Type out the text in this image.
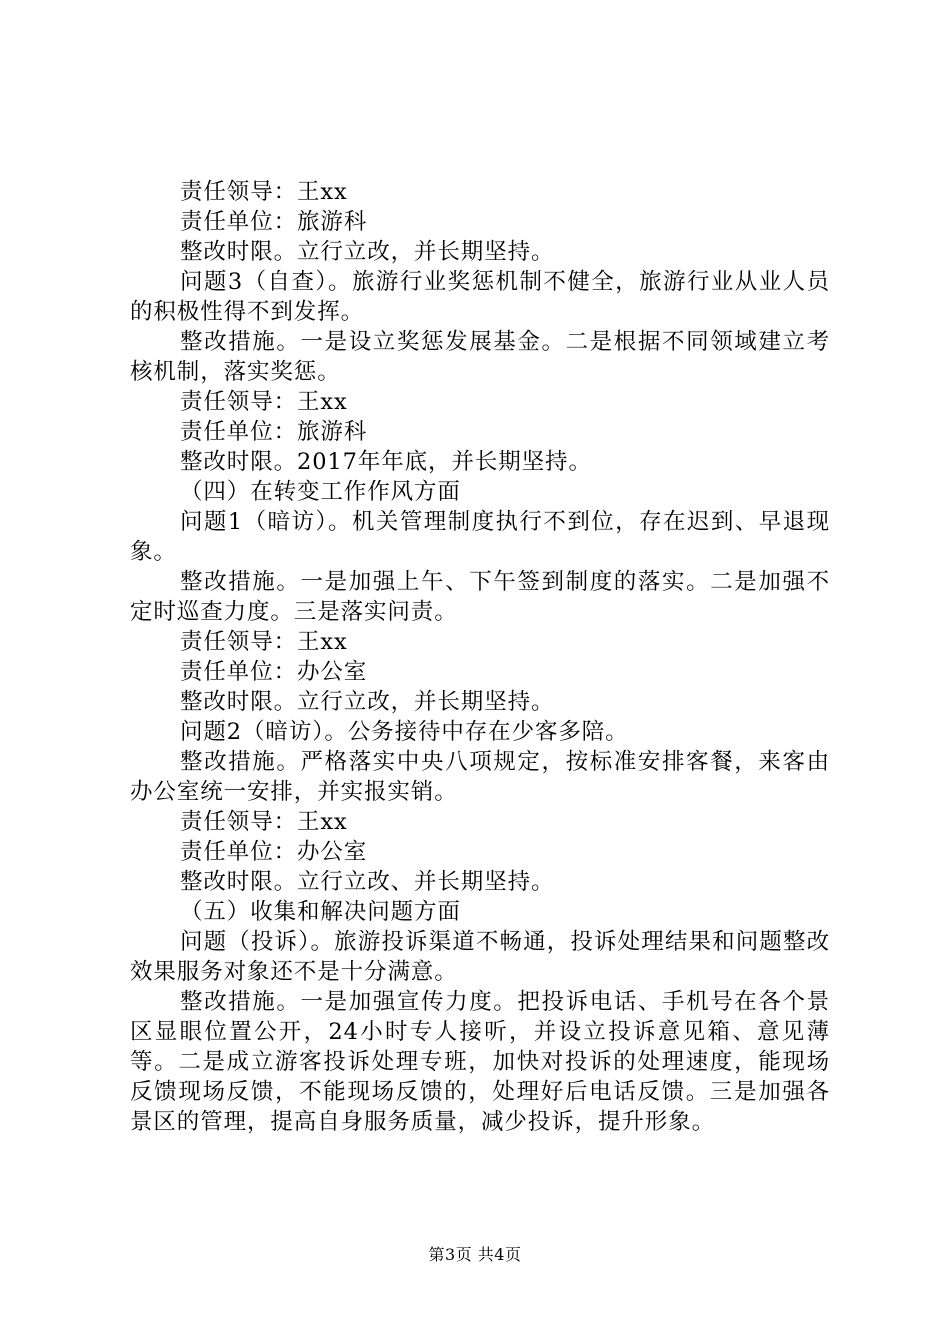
责任领导：王xx

责任单位：旅游科

整改时限。立行立改，并长期坚持。

问题3（自查）。旅游行业奖惩机制不健全，旅游行业从业人员的积极性得不到发挥。

整改措施。一是设立奖惩发展基金。二是根据不同领域建立考核机制，落实奖惩。

责任领导：王xx

责任单位：旅游科

整改时限。2017年年底，并长期坚持。

（四）在转变工作作风方面

问题1（暗访）。机关管理制度执行不到位，存在迟到、早退现象。

整改措施。一是加强上午、下午签到制度的落实。二是加强不定时巡查力度。三是落实问责。

责任领导：王xx

责任单位：办公室

整改时限。立行立改，并长期坚持。

问题2（暗访）。公务接待中存在少客多陪。

整改措施。严格落实中央八项规定，按标准安排客餐，来客由办公室统一安排，并实报实销。

责任领导：王xx

责任单位：办公室

整改时限。立行立改、并长期坚持。

（五）收集和解决问题方面

问题（投诉）。旅游投诉渠道不畅通，投诉处理结果和问题整改效果服务对象还不是十分满意。

整改措施。一是加强宣传力度。把投诉电话、手机号在各个景区显眼位置公开，24小时专人接听，并设立投诉意见箱、意见薄等。二是成立游客投诉处理专班，加快对投诉的处理速度，能现场反馈现场反馈，不能现场反馈的，处理好后电话反馈。三是加强各景区的管理，提高自身服务质量，减少投诉，提升形象。

第3页 共4页
